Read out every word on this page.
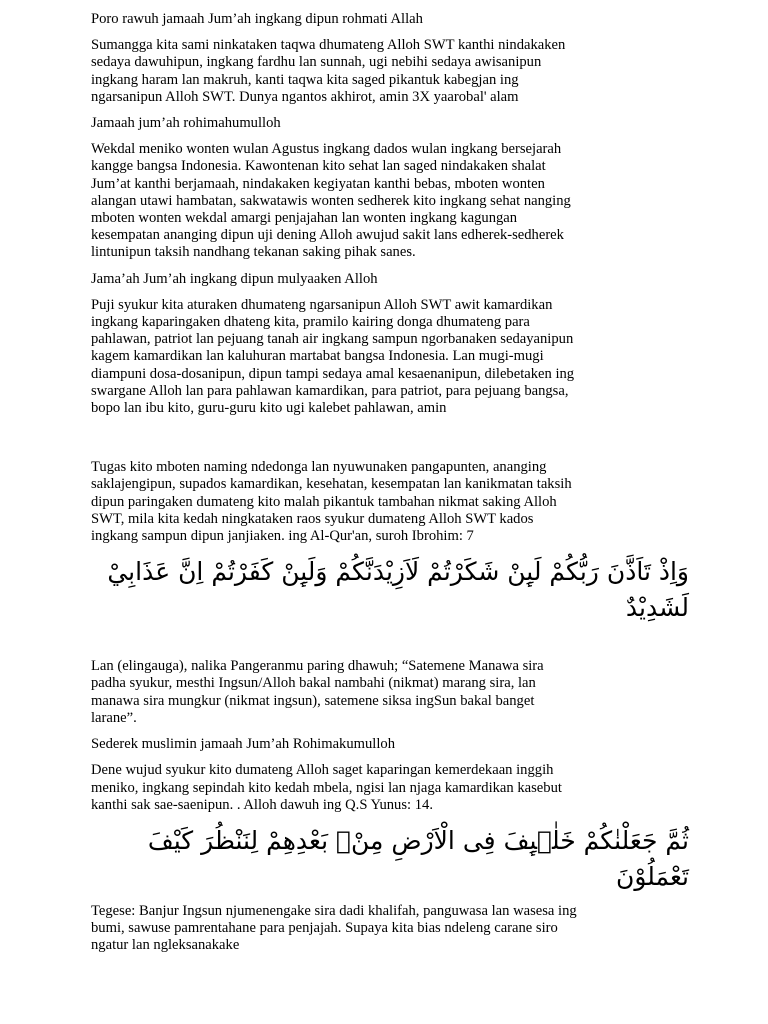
Poro rawuh jamaah Jum’ah ingkang dipun rohmati Allah

Sumangga kita sami ninkataken taqwa dhumateng Alloh SWT kanthi nindakaken
sedaya dawuhipun, ingkang fardhu lan sunnah, ugi nebihi sedaya awisanipun
ingkang haram lan makruh, kanti taqwa kita saged pikantuk kabegjan ing
ngarsanipun Alloh SWT. Dunya ngantos akhirot, amin 3X yaarobal' alam

Jamaah jum’ah rohimahumulloh

Wekdal meniko wonten wulan Agustus ingkang dados wulan ingkang bersejarah
kangge bangsa Indonesia. Kawontenan kito sehat lan saged nindakaken shalat
Jum’at kanthi berjamaah, nindakaken kegiyatan kanthi bebas, mboten wonten
alangan utawi hambatan, sakwatawis wonten sedherek kito ingkang sehat nanging
mboten wonten wekdal amargi penjajahan lan wonten ingkang kagungan
kesempatan ananging dipun uji dening Alloh awujud sakit lans edherek-sedherek
lintunipun taksih nandhang tekanan saking pihak sanes.

Jama’ah Jum’ah ingkang dipun mulyaaken Alloh

Puji syukur kita aturaken dhumateng ngarsanipun Alloh SWT awit kamardikan
ingkang kaparingaken dhateng kita, pramilo kairing donga dhumateng para
pahlawan, patriot lan pejuang tanah air ingkang sampun ngorbanaken sedayanipun
kagem kamardikan lan kaluhuran martabat bangsa Indonesia. Lan mugi-mugi
diampuni dosa-dosanipun, dipun tampi sedaya amal kesaenanipun, dilebetaken ing
swargane Alloh lan para pahlawan kamardikan, para patriot, para pejuang bangsa,
bopo lan ibu kito, guru-guru kito ugi kalebet pahlawan, amin

Tugas kito mboten naming ndedonga lan nyuwunaken pangapunten, ananging
saklajengipun, supados kamardikan, kesehatan, kesempatan lan kanikmatan taksih
dipun paringaken dumateng kito malah pikantuk tambahan nikmat saking Alloh
SWT, mila kita kedah ningkataken raos syukur dumateng Alloh SWT kados
ingkang sampun dipun janjiaken. ing Al-Qur'an, suroh Ibrohim: 7

وَاِذْ تَاَذَّنَ رَبُّكُمْ لَىِٕنْ شَكَرْتُمْ لَاَزِيْدَنَّكُمْ وَلَىِٕنْ كَفَرْتُمْ اِنَّ عَذَابِيْ لَشَدِيْدٌ

Lan (elingauga), nalika Pangeranmu paring dhawuh; “Satemene Manawa sira
padha syukur, mesthi Ingsun/Alloh bakal nambahi (nikmat) marang sira, lan
manawa sira mungkur (nikmat ingsun), satemene siksa ingSun bakal banget
larane”.

Sederek muslimin jamaah Jum’ah Rohimakumulloh

Dene wujud syukur kito dumateng Alloh saget kaparingan kemerdekaan inggih
meniko, ingkang sepindah kito kedah mbela, ngisi lan njaga kamardikan kasebut
kanthi sak sae-saenipun. . Alloh dawuh ing Q.S Yunus: 14.

ثُمَّ جَعَلْنٰكُمْ خَلٰۤىِٕفَ فِى الْاَرْضِ مِنْۢ بَعْدِهِمْ لِنَنْظُرَ كَيْفَ تَعْمَلُوْنَ

Tegese: Banjur Ingsun njumenengake sira dadi khalifah, panguwasa lan wasesa ing
bumi, sawuse pamrentahane para penjajah. Supaya kita bias ndeleng carane siro
ngatur lan ngleksanakake
